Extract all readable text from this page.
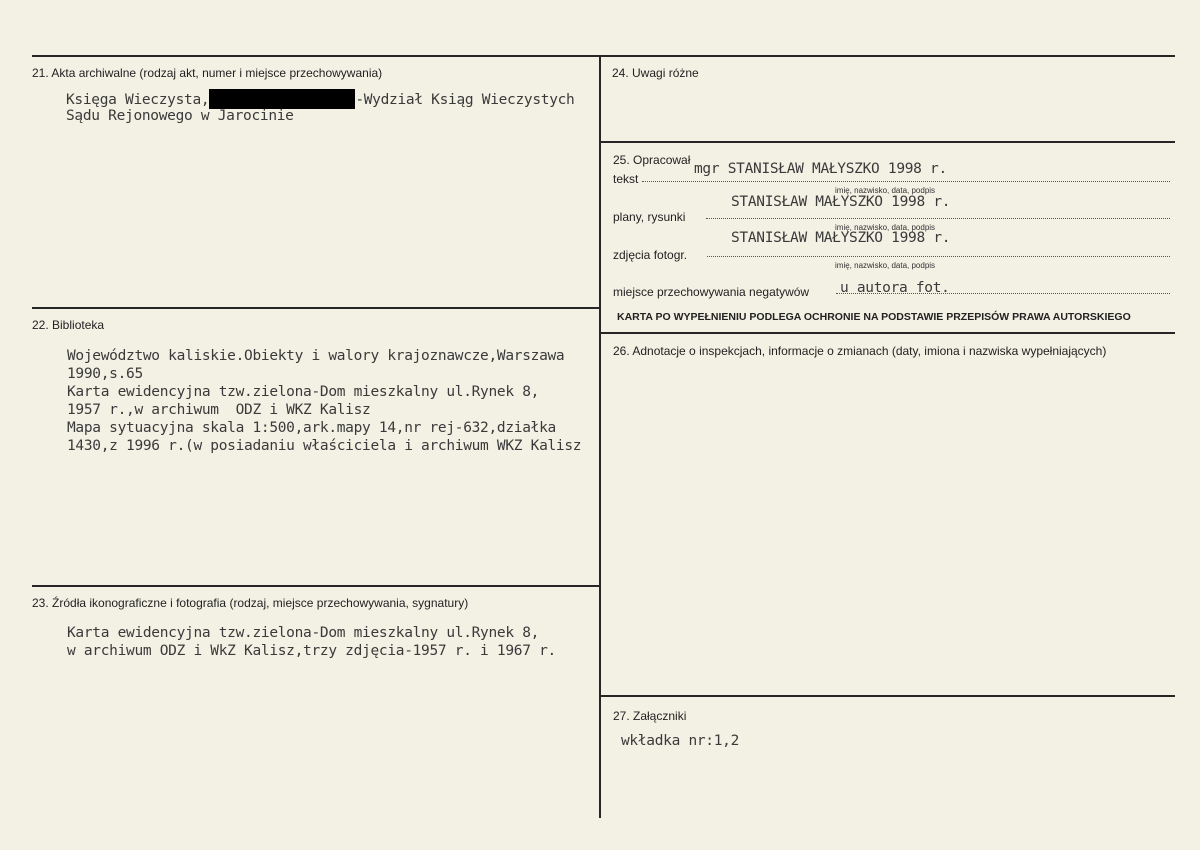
21. Akta archiwalne (rodzaj akt, numer i miejsce przechowywania)
Księga Wieczysta,	-Wydział Ksiąg Wieczystych
Sądu Rejonowego w Jarocinie
22. Biblioteka
Województwo kaliskie.Obiekty i walory krajoznawcze,Warszawa
1990,s.65
Karta ewidencyjna tzw.zielona-Dom mieszkalny ul.Rynek 8,
1957 r.,w archiwum  ODZ i WKZ Kalisz
Mapa sytuacyjna skala 1:500,ark.mapy 14,nr rej-632,działka
1430,z 1996 r.(w posiadaniu właściciela i archiwum WKZ Kalisz
23. Źródła ikonograficzne i fotografia (rodzaj, miejsce przechowywania, sygnatury)
Karta ewidencyjna tzw.zielona-Dom mieszkalny ul.Rynek 8,
w archiwum ODZ i WkZ Kalisz,trzy zdjęcia-1957 r. i 1967 r.
24. Uwagi różne
25. Opracował
tekst
mgr STANISŁAW MAŁYSZKO 1998 r.
imię, nazwisko, data, podpis
plany, rysunki
STANISŁAW MAŁYSZKO 1998 r.
imię, nazwisko, data, podpis
zdjęcia fotogr.
STANISŁAW MAŁYSZKO 1998 r.
imię, nazwisko, data, podpis
miejsce przechowywania negatywów u autora fot.
KARTA PO WYPEŁNIENIU PODLEGA OCHRONIE NA PODSTAWIE PRZEPISÓW PRAWA AUTORSKIEGO
26. Adnotacje o inspekcjach, informacje o zmianach (daty, imiona i nazwiska wypełniających)
27. Załączniki
wkładka nr:1,2
